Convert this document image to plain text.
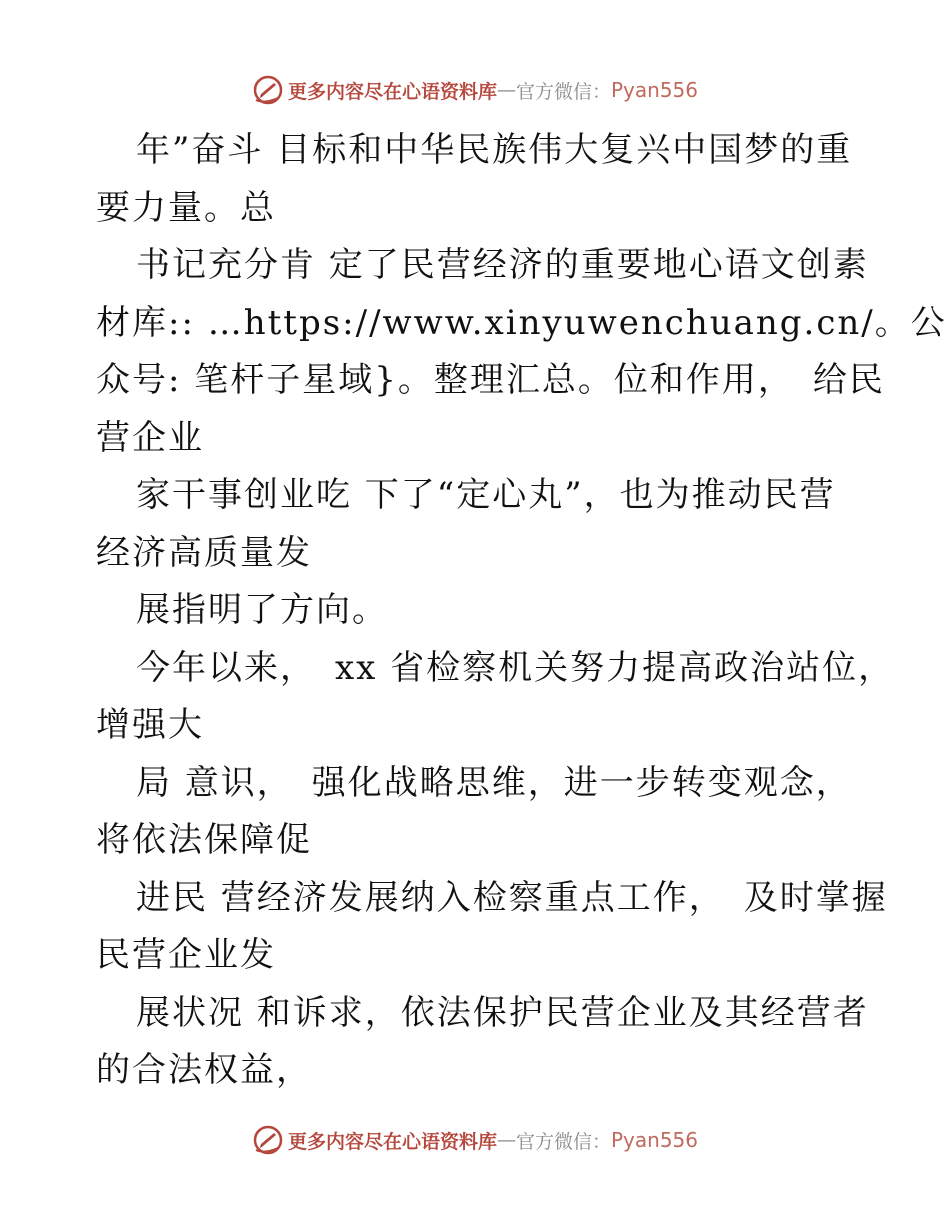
更多内容尽在心语资料库 — 官方微信： Pyan556
年”奋斗 目标和中华民族伟大复兴中国梦的重
要力量。总
书记充分肯 定了民营经济的重要地心语文创素
材库:: …https://www.xinyuwenchuang.cn/。公
众号: 笔杆子星域}。整理汇总。位和作用，　给民
营企业
家干事创业吃 下了“定心丸”，也为推动民营
经济高质量发
展指明了方向。
今年以来，　xx 省检察机关努力提高政治站位，
增强大
局 意识，　强化战略思维，进一步转变观念，
将依法保障促
进民 营经济发展纳入检察重点工作，　及时掌握
民营企业发
展状况 和诉求，依法保护民营企业及其经营者
的合法权益，
更多内容尽在心语资料库 — 官方微信： Pyan556
